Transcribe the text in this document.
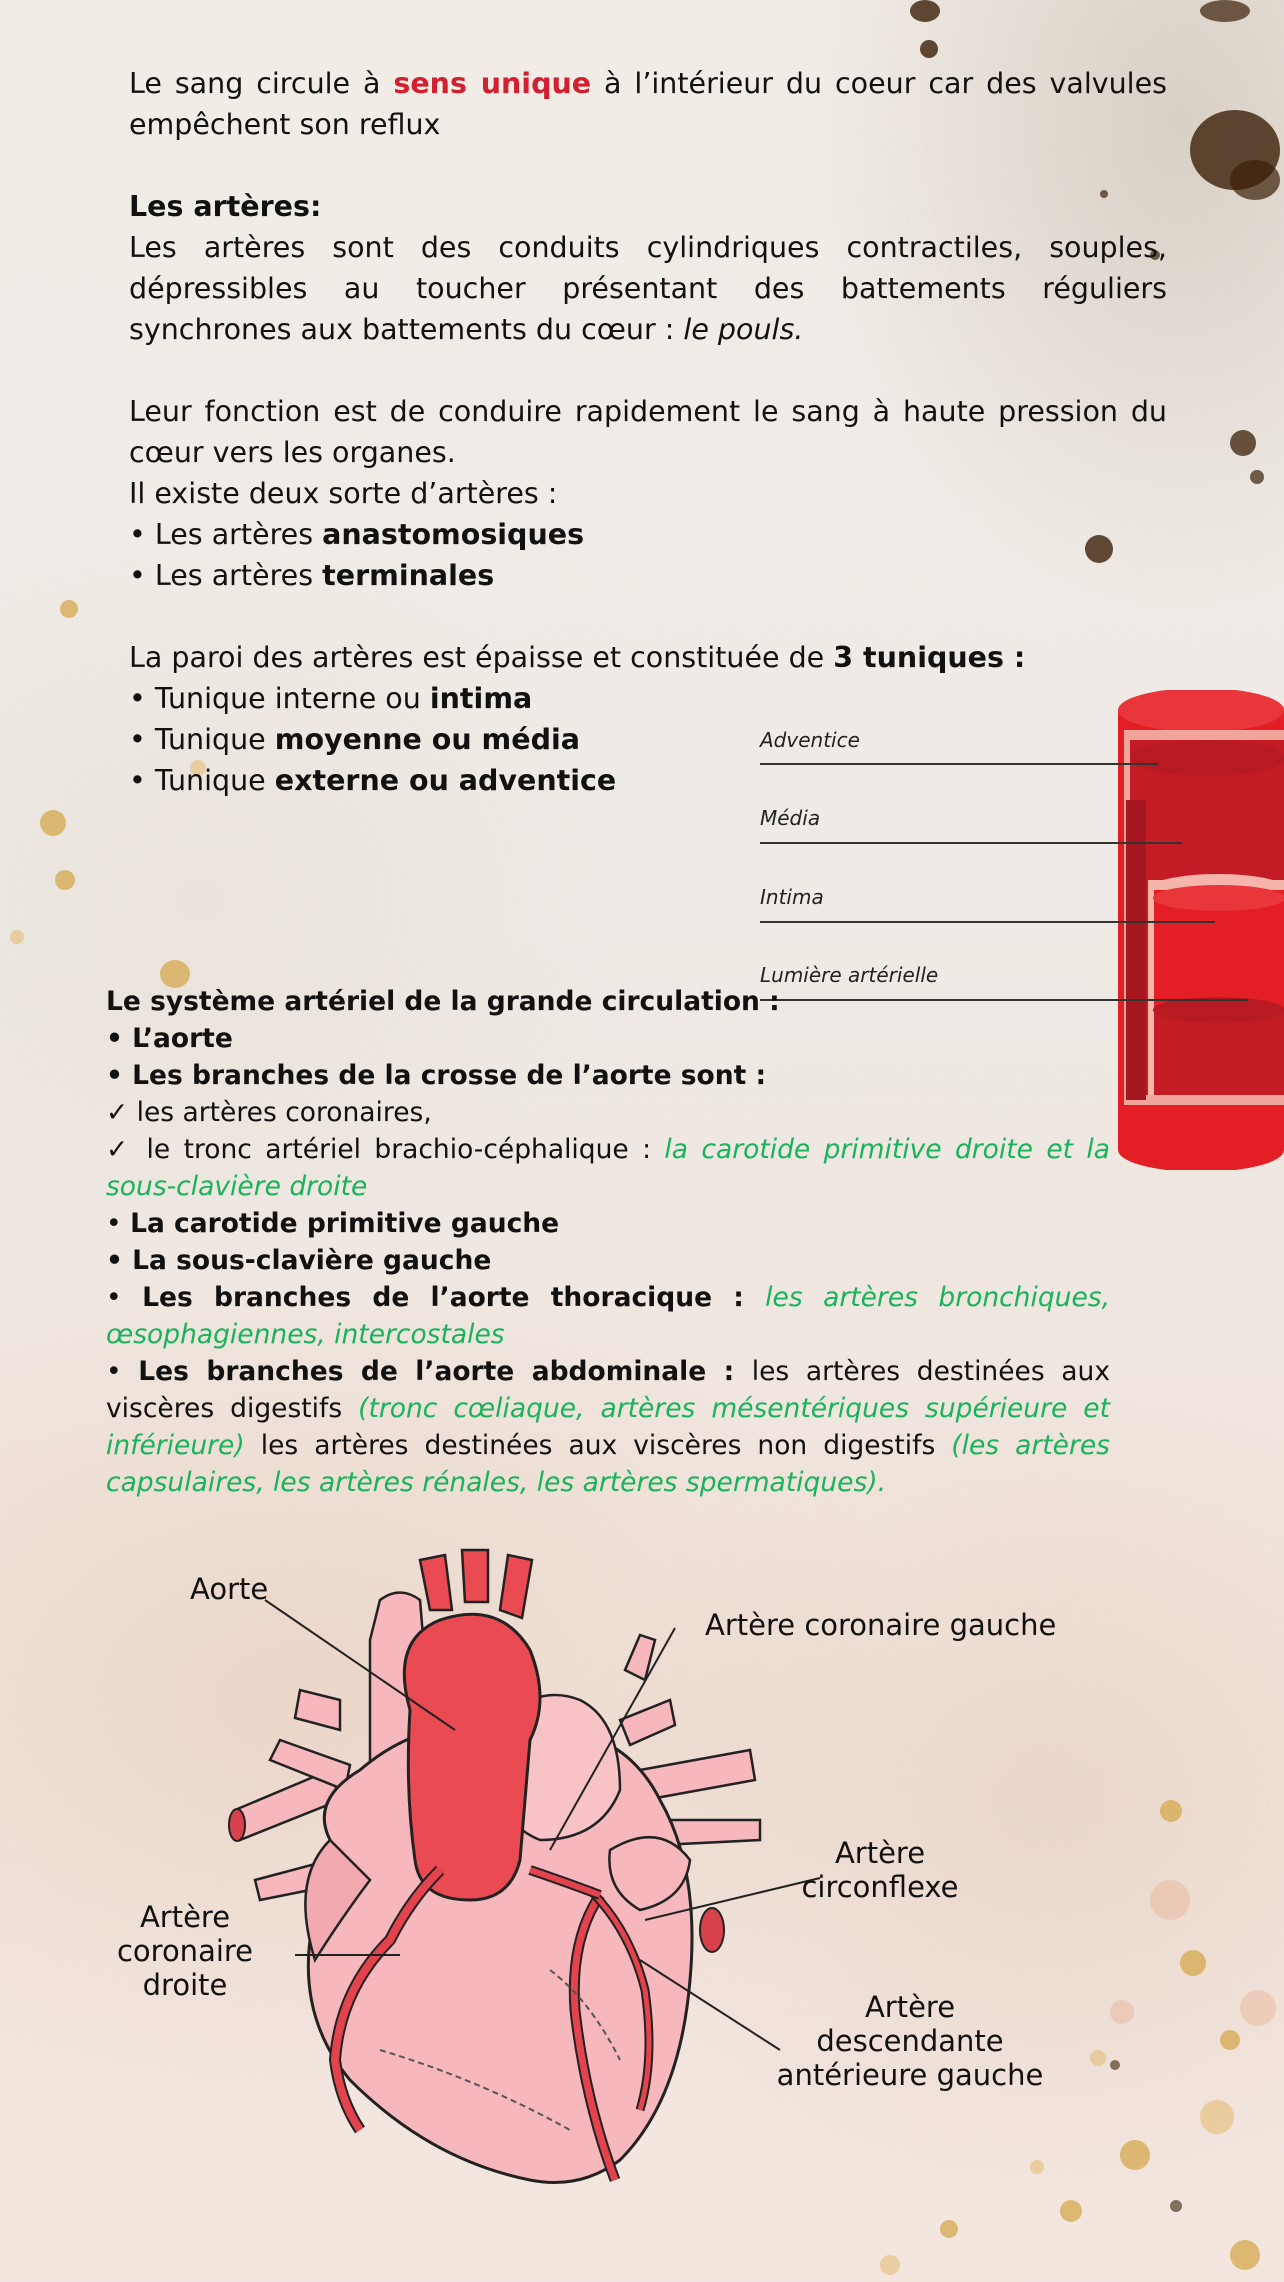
Le sang circule à sens unique à l’intérieur du coeur car des valvules empêchent son reflux

Les artères:

Les artères sont des conduits cylindriques contractiles, souples, dépressibles au toucher présentant des battements réguliers synchrones aux battements du cœur : le pouls.

Leur fonction est de conduire rapidement le sang à haute pression du cœur vers les organes.

Il existe deux sorte d’artères :

• Les artères anastomosiques

• Les artères terminales

La paroi des artères est épaisse et constituée de 3 tuniques :

• Tunique interne ou intima

• Tunique moyenne ou média

• Tunique externe ou adventice

Adventice
Média
Intima
Lumière artérielle

Le système artériel de la grande circulation :

• L’aorte

• Les branches de la crosse de l’aorte sont :

✓ les artères coronaires,

✓ le tronc artériel brachio-céphalique : la carotide primitive droite et la sous-clavière droite

• La carotide primitive gauche

• La sous-clavière gauche

• Les branches de l’aorte thoracique : les artères bronchiques, œsophagiennes, intercostales

• Les branches de l’aorte abdominale : les artères destinées aux viscères digestifs (tronc cœliaque, artères mésentériques supérieure et inférieure) les artères destinées aux viscères non digestifs (les artères capsulaires, les artères rénales, les artères spermatiques).

Aorte
Artère coronaire gauche
Artère
circonflexe
Artère
coronaire
droite
Artère descendante
antérieure gauche
